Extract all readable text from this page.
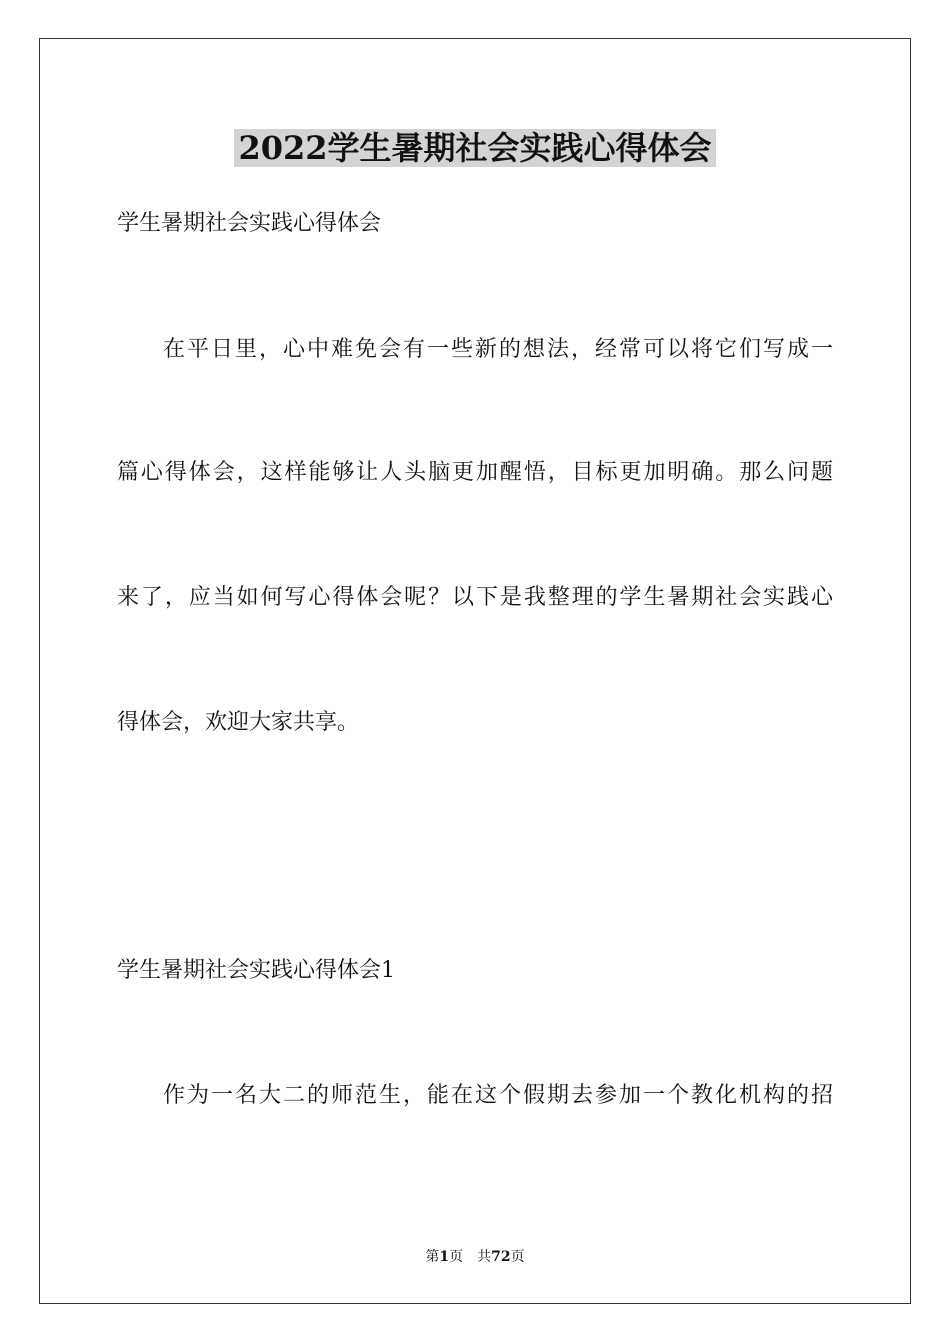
2022学生暑期社会实践心得体会
学生暑期社会实践心得体会
在平日里，心中难免会有一些新的想法，经常可以将它们写成一
篇心得体会，这样能够让人头脑更加醒悟，目标更加明确。那么问题
来了，应当如何写心得体会呢？以下是我整理的学生暑期社会实践心
得体会，欢迎大家共享。
学生暑期社会实践心得体会1
作为一名大二的师范生，能在这个假期去参加一个教化机构的招
第1页 共72页
